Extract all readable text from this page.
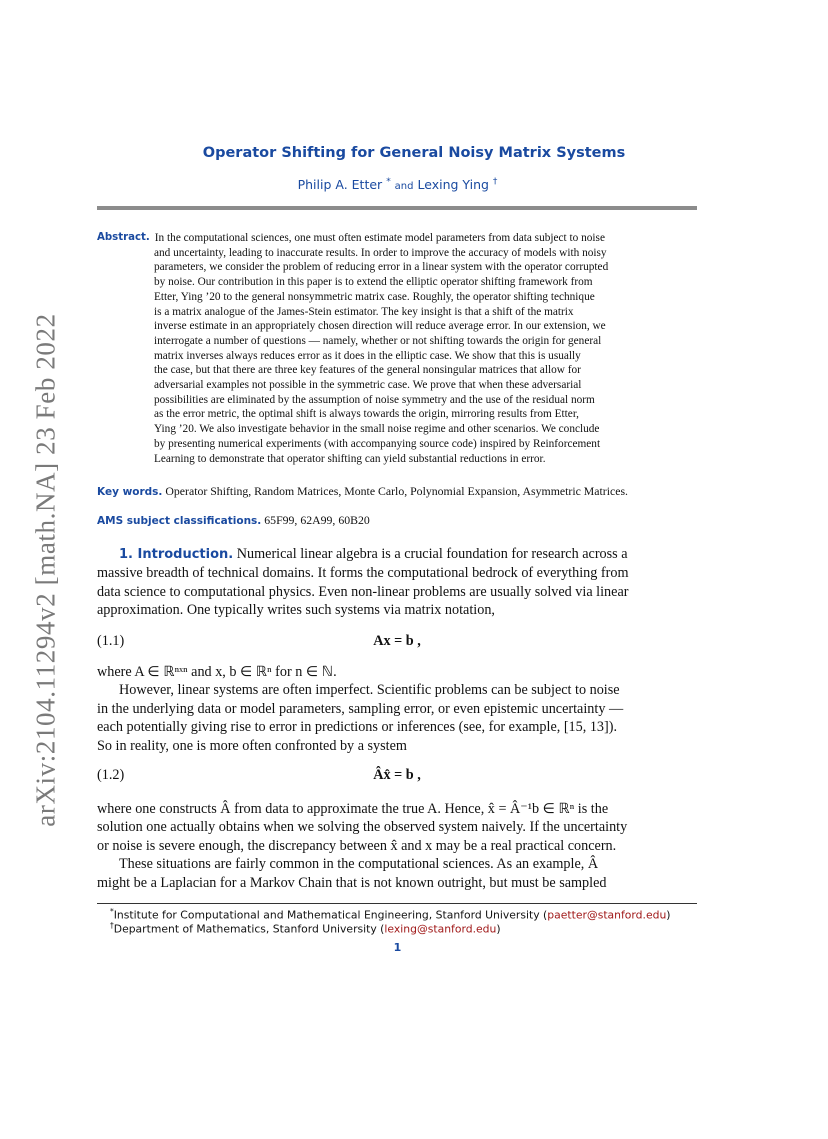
arXiv:2104.11294v2 [math.NA] 23 Feb 2022
Operator Shifting for General Noisy Matrix Systems
Philip A. Etter * and Lexing Ying †
Abstract. In the computational sciences, one must often estimate model parameters from data subject to noise
and uncertainty, leading to inaccurate results. In order to improve the accuracy of models with noisy
parameters, we consider the problem of reducing error in a linear system with the operator corrupted
by noise. Our contribution in this paper is to extend the elliptic operator shifting framework from
Etter, Ying ’20 to the general nonsymmetric matrix case. Roughly, the operator shifting technique
is a matrix analogue of the James-Stein estimator. The key insight is that a shift of the matrix
inverse estimate in an appropriately chosen direction will reduce average error. In our extension, we
interrogate a number of questions — namely, whether or not shifting towards the origin for general
matrix inverses always reduces error as it does in the elliptic case. We show that this is usually
the case, but that there are three key features of the general nonsingular matrices that allow for
adversarial examples not possible in the symmetric case. We prove that when these adversarial
possibilities are eliminated by the assumption of noise symmetry and the use of the residual norm
as the error metric, the optimal shift is always towards the origin, mirroring results from Etter,
Ying ’20. We also investigate behavior in the small noise regime and other scenarios. We conclude
by presenting numerical experiments (with accompanying source code) inspired by Reinforcement
Learning to demonstrate that operator shifting can yield substantial reductions in error.
Key words. Operator Shifting, Random Matrices, Monte Carlo, Polynomial Expansion, Asymmetric Matrices.
AMS subject classifications. 65F99, 62A99, 60B20
1. Introduction. Numerical linear algebra is a crucial foundation for research across a
massive breadth of technical domains. It forms the computational bedrock of everything from
data science to computational physics. Even non-linear problems are usually solved via linear
approximation. One typically writes such systems via matrix notation,
(1.1)	Ax = b ,
where A ∈ ℝⁿˣⁿ and x, b ∈ ℝⁿ for n ∈ ℕ.
However, linear systems are often imperfect. Scientific problems can be subject to noise
in the underlying data or model parameters, sampling error, or even epistemic uncertainty —
each potentially giving rise to error in predictions or inferences (see, for example, [15, 13]).
So in reality, one is more often confronted by a system
(1.2)	Âx̂ = b ,
where one constructs Â from data to approximate the true A. Hence, x̂ = Â⁻¹b ∈ ℝⁿ is the
solution one actually obtains when we solving the observed system naively. If the uncertainty
or noise is severe enough, the discrepancy between x̂ and x may be a real practical concern.
These situations are fairly common in the computational sciences. As an example, Â
might be a Laplacian for a Markov Chain that is not known outright, but must be sampled
*Institute for Computational and Mathematical Engineering, Stanford University (paetter@stanford.edu)
†Department of Mathematics, Stanford University (lexing@stanford.edu)
1
